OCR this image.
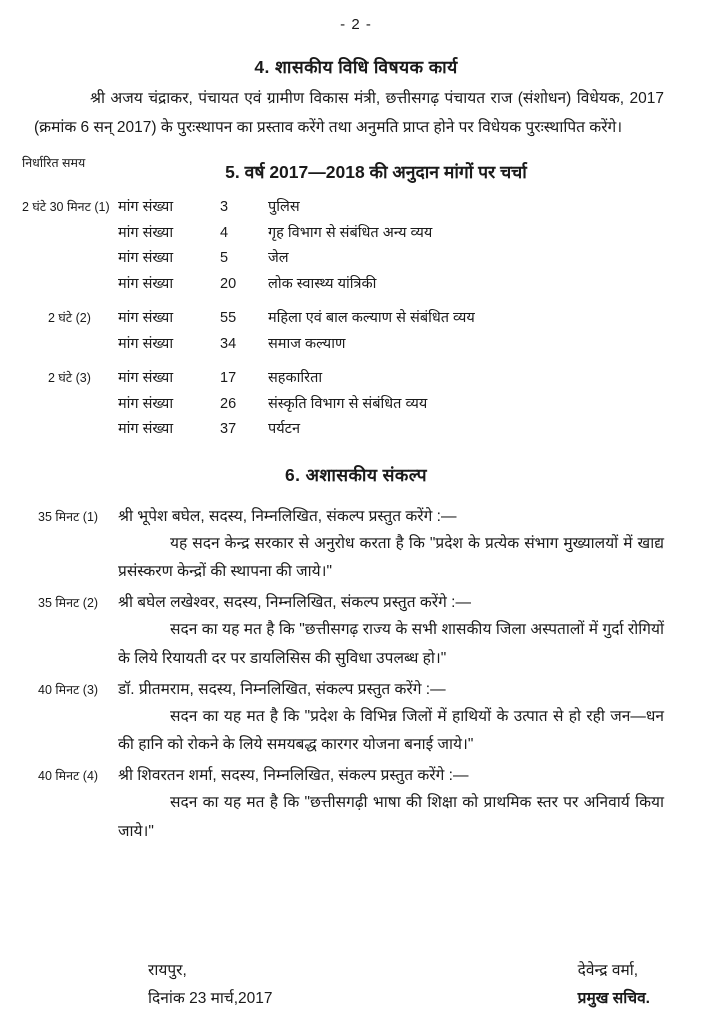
- 2 -
4. शासकीय विधि विषयक कार्य
श्री अजय चंद्राकर, पंचायत एवं ग्रामीण विकास मंत्री, छत्तीसगढ़ पंचायत राज (संशोधन) विधेयक, 2017 (क्रमांक 6 सन् 2017) के पुरःस्थापन का प्रस्ताव करेंगे तथा अनुमति प्राप्त होने पर विधेयक पुरःस्थापित करेंगे।
निर्धारित समय	5. वर्ष 2017—2018 की अनुदान मांगों पर चर्चा
2 घंटे 30 मिनट (1) मांग संख्या	3	पुलिस
मांग संख्या	4	गृह विभाग से संबंधित अन्य व्यय
मांग संख्या	5	जेल
मांग संख्या	20	लोक स्वास्थ्य यांत्रिकी
2 घंटे (2)	मांग संख्या	55	महिला एवं बाल कल्याण से संबंधित व्यय
मांग संख्या	34	समाज कल्याण
2 घंटे (3)	मांग संख्या	17	सहकारिता
मांग संख्या	26	संस्कृति विभाग से संबंधित व्यय
मांग संख्या	37	पर्यटन
6. अशासकीय संकल्प
35 मिनट (1)	श्री भूपेश बघेल, सदस्य, निम्नलिखित, संकल्प प्रस्तुत करेंगे :—
यह सदन केन्द्र सरकार से अनुरोध करता है कि "प्रदेश के प्रत्येक संभाग मुख्यालयों में खाद्य प्रसंस्करण केन्द्रों की स्थापना की जाये।"
35 मिनट (2)	श्री बघेल लखेश्वर, सदस्य, निम्नलिखित, संकल्प प्रस्तुत करेंगे :—
सदन का यह मत है कि "छत्तीसगढ़ राज्य के सभी शासकीय जिला अस्पतालों में गुर्दा रोगियों के लिये रियायती दर पर डायलिसिस की सुविधा उपलब्ध हो।"
40 मिनट (3)	डॉ. प्रीतमराम, सदस्य, निम्नलिखित, संकल्प प्रस्तुत करेंगे :—
सदन का यह मत है कि "प्रदेश के विभिन्न जिलों में हाथियों के उत्पात से हो रही जन—धन की हानि को रोकने के लिये समयबद्ध कारगर योजना बनाई जाये।"
40 मिनट (4)	श्री शिवरतन शर्मा, सदस्य, निम्नलिखित, संकल्प प्रस्तुत करेंगे :—
सदन का यह मत है कि "छत्तीसगढ़ी भाषा की शिक्षा को प्राथमिक स्तर पर अनिवार्य किया जाये।"
रायपुर,
दिनांक 23 मार्च,2017
देवेन्द्र वर्मा,
प्रमुख सचिव.
